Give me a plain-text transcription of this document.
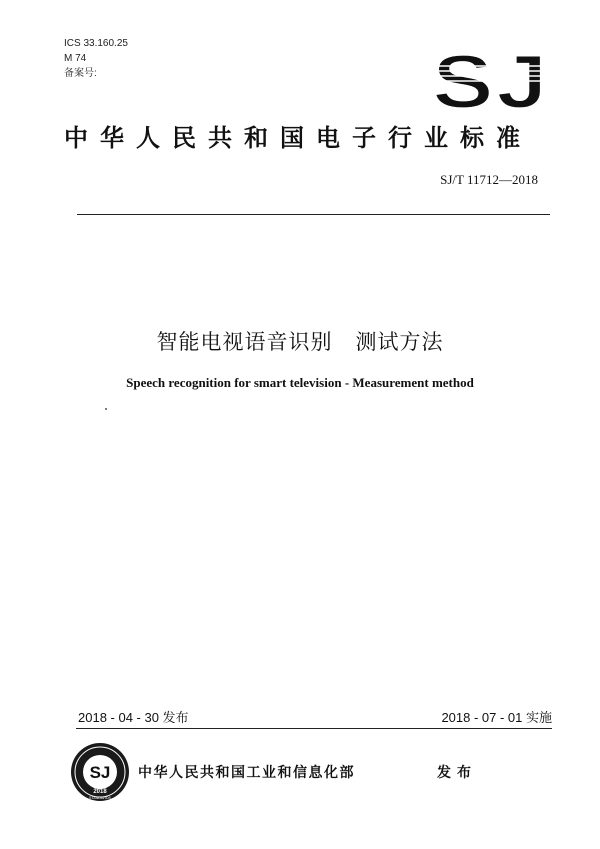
ICS 33.160.25
M 74
备案号:	SJ
中华人民共和国电子行业标准
SJ/T 11712—2018
智能电视语音识别   测试方法
Speech recognition for smart television - Measurement method
2018 - 04 - 30 发布	2018 - 07 - 01 实施
SJ
2018
STANDARDS
中华人民共和国工业和信息化部	发布
